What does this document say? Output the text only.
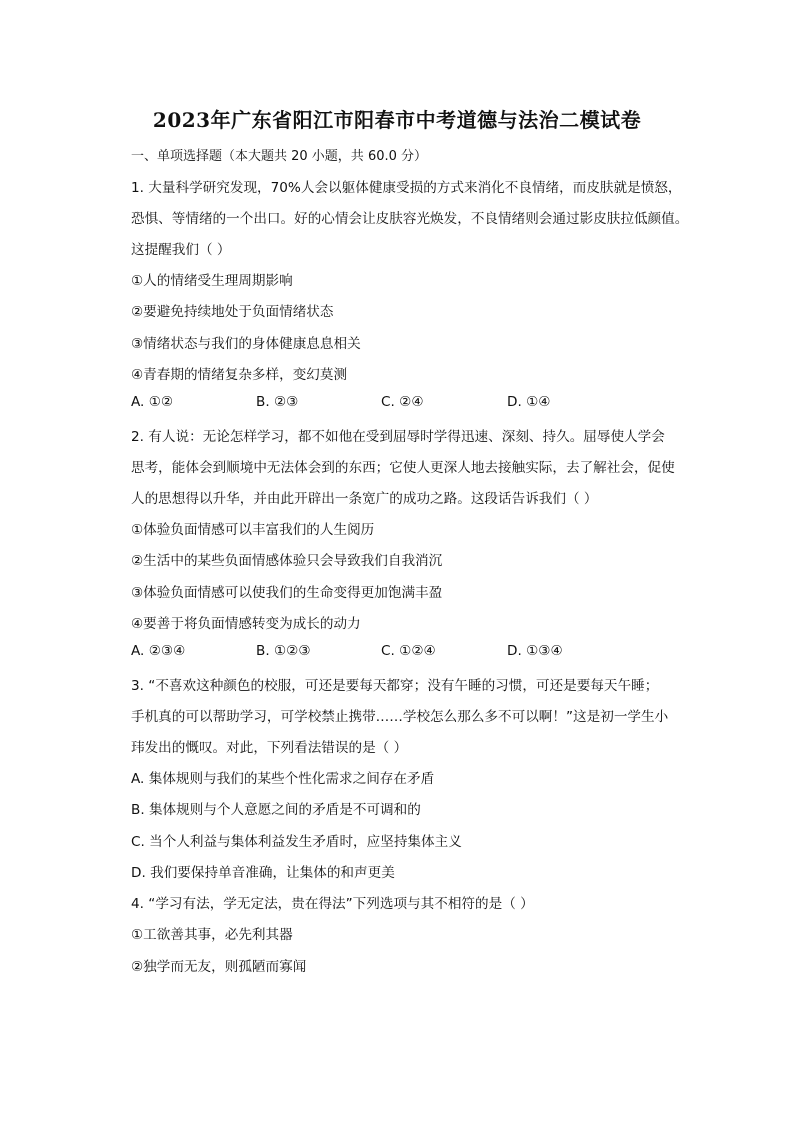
2023年广东省阳江市阳春市中考道德与法治二模试卷
一、单项选择题（本大题共 20 小题，共 60.0 分）
1. 大量科学研究发现，70%人会以躯体健康受损的方式来消化不良情绪，而皮肤就是愤怒，
恐惧、等情绪的一个出口。好的心情会让皮肤容光焕发，不良情绪则会通过影皮肤拉低颜值。
这提醒我们（ ）
①人的情绪受生理周期影响
②要避免持续地处于负面情绪状态
③情绪状态与我们的身体健康息息相关
④青春期的情绪复杂多样，变幻莫测
A. ①②	B. ②③	C. ②④	D. ①④
2. 有人说：无论怎样学习，都不如他在受到屈辱时学得迅速、深刻、持久。屈辱使人学会
思考，能体会到顺境中无法体会到的东西；它使人更深人地去接触实际，去了解社会，促使
人的思想得以升华，并由此开辟出一条宽广的成功之路。这段话告诉我们（ ）
①体验负面情感可以丰富我们的人生阅历
②生活中的某些负面情感体验只会导致我们自我消沉
③体验负面情感可以使我们的生命变得更加饱满丰盈
④要善于将负面情感转变为成长的动力
A. ②③④	B. ①②③	C. ①②④	D. ①③④
3. “不喜欢这种颜色的校服，可还是要每天都穿；没有午睡的习惯，可还是要每天午睡；
手机真的可以帮助学习，可学校禁止携带……学校怎么那么多不可以啊！”这是初一学生小
玮发出的慨叹。对此，下列看法错误的是（ ）
A. 集体规则与我们的某些个性化需求之间存在矛盾
B. 集体规则与个人意愿之间的矛盾是不可调和的
C. 当个人利益与集体利益发生矛盾时，应坚持集体主义
D. 我们要保持单音准确，让集体的和声更美
4. “学习有法，学无定法，贵在得法”下列选项与其不相符的是（ ）
①工欲善其事，必先利其器
②独学而无友，则孤陋而寡闻
